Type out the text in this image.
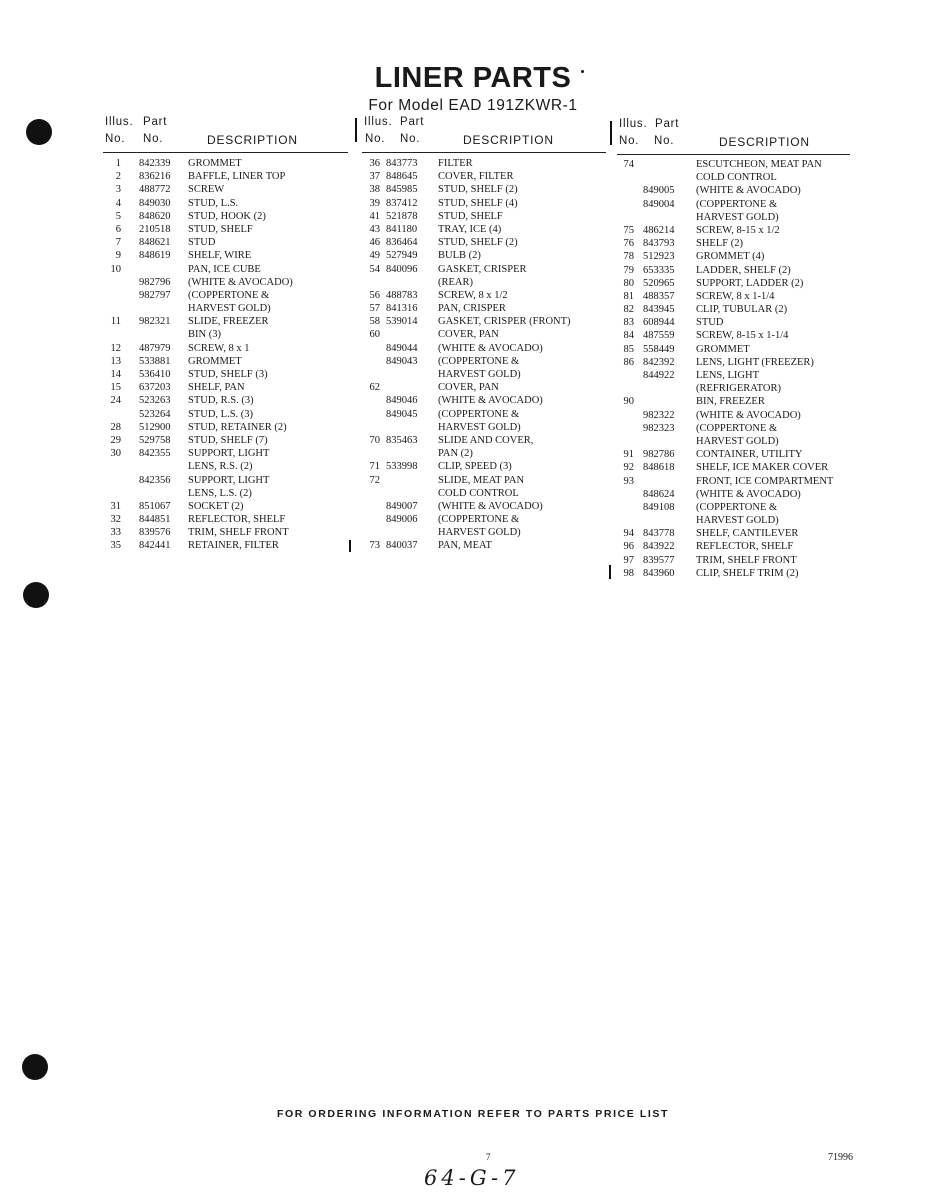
LINER PARTS
For Model EAD 191ZKWR-1
Illus. Part
No. No.	DESCRIPTION
1 842339 GROMMET
2 836216 BAFFLE, LINER TOP
3 488772 SCREW
4 849030 STUD, L.S.
5 848620 STUD, HOOK (2)
6 210518 STUD, SHELF
7 848621 STUD
9 848619 SHELF, WIRE
10	PAN, ICE CUBE
982796 (WHITE & AVOCADO)
982797 (COPPERTONE &
HARVEST GOLD)
11 982321 SLIDE, FREEZER
BIN (3)
12 487979 SCREW, 8 x 1
13 533881 GROMMET
14 536410 STUD, SHELF (3)
15 637203 SHELF, PAN
24 523263 STUD, R.S. (3)
523264 STUD, L.S. (3)
28 512900 STUD, RETAINER (2)
29 529758 STUD, SHELF (7)
30 842355 SUPPORT, LIGHT
LENS, R.S. (2)
842356 SUPPORT, LIGHT
LENS, L.S. (2)
31 851067 SOCKET (2)
32 844851 REFLECTOR, SHELF
33 839576 TRIM, SHELF FRONT
35 842441 RETAINER, FILTER
Illus. Part
No. No.	DESCRIPTION
36 843773 FILTER
37 848645 COVER, FILTER
38 845985 STUD, SHELF (2)
39 837412 STUD, SHELF (4)
41 521878 STUD, SHELF
43 841180 TRAY, ICE (4)
46 836464 STUD, SHELF (2)
49 527949 BULB (2)
54 840096 GASKET, CRISPER
(REAR)
56 488783 SCREW, 8 x 1/2
57 841316 PAN, CRISPER
58 539014 GASKET, CRISPER (FRONT)
60	COVER, PAN
849044 (WHITE & AVOCADO)
849043 (COPPERTONE &
HARVEST GOLD)
62	COVER, PAN
849046 (WHITE & AVOCADO)
849045 (COPPERTONE &
HARVEST GOLD)
70 835463 SLIDE AND COVER,
PAN (2)
71 533998 CLIP, SPEED (3)
72	SLIDE, MEAT PAN
COLD CONTROL
849007 (WHITE & AVOCADO)
849006 (COPPERTONE &
HARVEST GOLD)
73 840037 PAN, MEAT
Illus. Part
No. No.	DESCRIPTION
74	ESCUTCHEON, MEAT PAN
COLD CONTROL
849005 (WHITE & AVOCADO)
849004 (COPPERTONE &
HARVEST GOLD)
75 486214 SCREW, 8-15 x 1/2
76 843793 SHELF (2)
78 512923 GROMMET (4)
79 653335 LADDER, SHELF (2)
80 520965 SUPPORT, LADDER (2)
81 488357 SCREW, 8 x 1-1/4
82 843945 CLIP, TUBULAR (2)
83 608944 STUD
84 487559 SCREW, 8-15 x 1-1/4
85 558449 GROMMET
86 842392 LENS, LIGHT (FREEZER)
844922 LENS, LIGHT
(REFRIGERATOR)
90	BIN, FREEZER
982322 (WHITE & AVOCADO)
982323 (COPPERTONE &
HARVEST GOLD)
91 982786 CONTAINER, UTILITY
92 848618 SHELF, ICE MAKER COVER
93	FRONT, ICE COMPARTMENT
848624 (WHITE & AVOCADO)
849108 (COPPERTONE &
HARVEST GOLD)
94 843778 SHELF, CANTILEVER
96 843922 REFLECTOR, SHELF
97 839577 TRIM, SHELF FRONT
98 843960 CLIP, SHELF TRIM (2)
FOR ORDERING INFORMATION REFER TO PARTS PRICE LIST
7	71996
64-G-7
